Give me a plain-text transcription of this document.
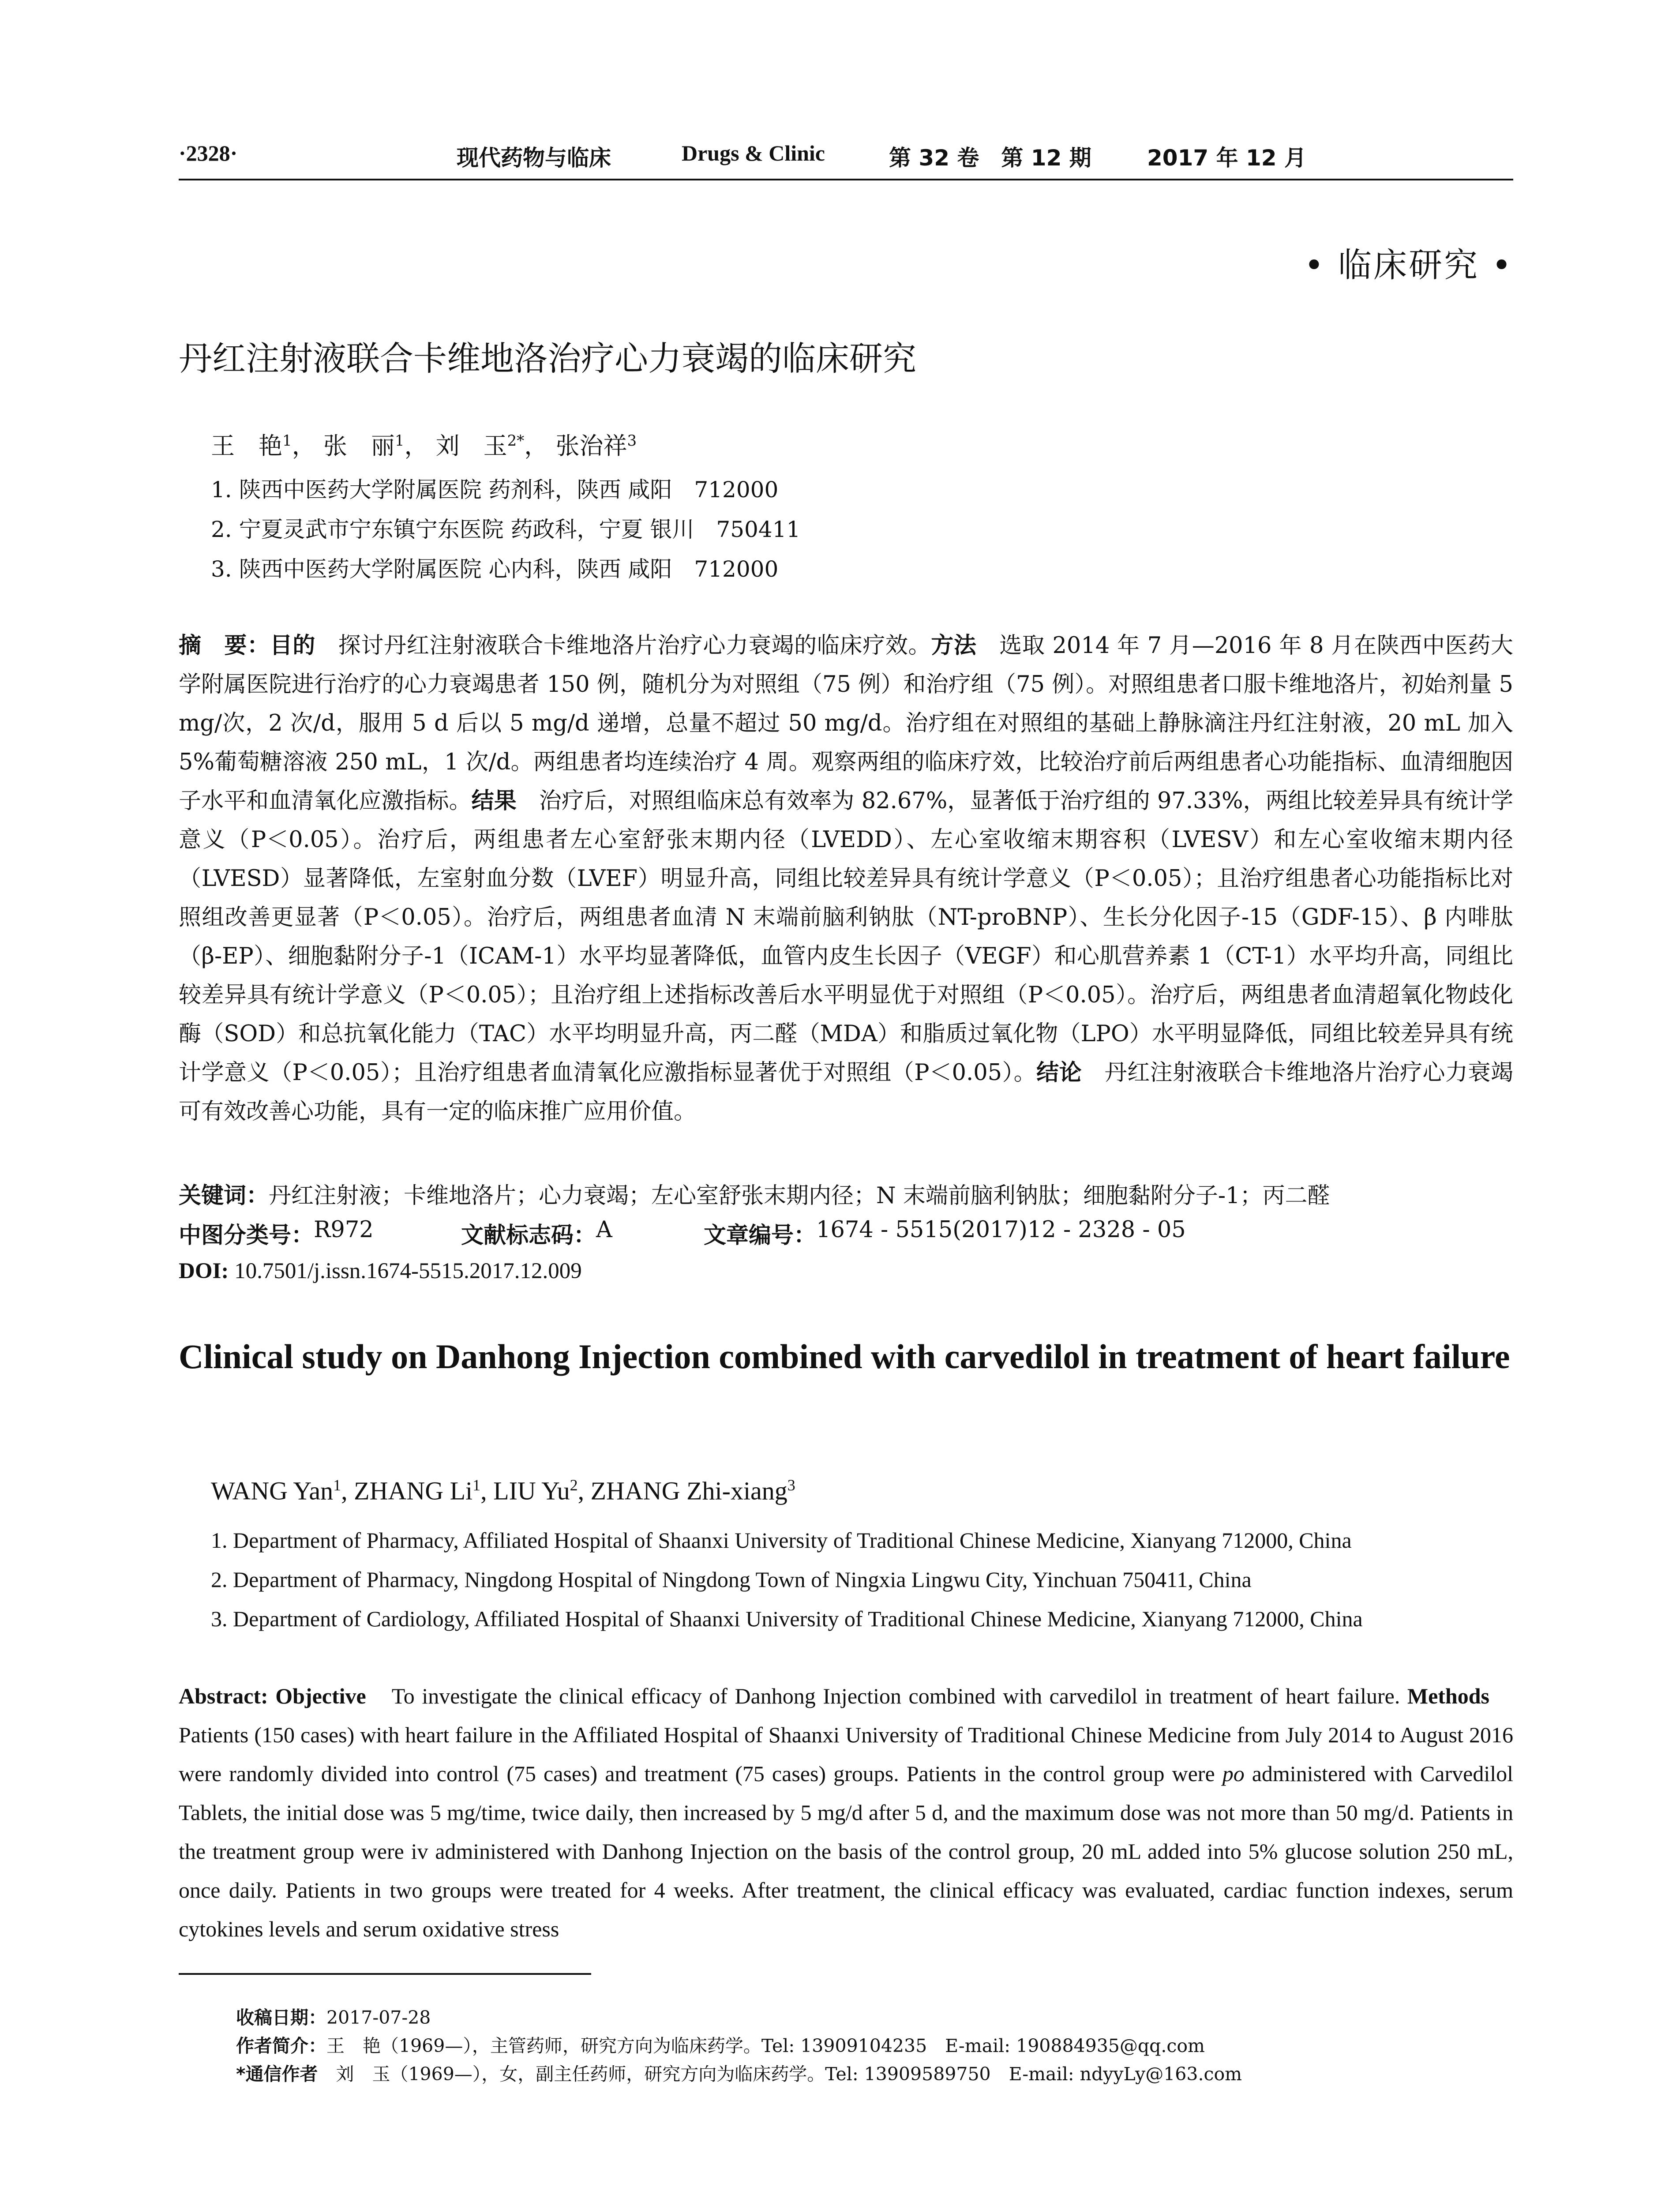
·2328·	现代药物与临床	Drugs & Clinic	第 32 卷　第 12 期	2017 年 12 月
• 临床研究 •
丹红注射液联合卡维地洛治疗心力衰竭的临床研究
王　艳$^1$， 张　丽$^1$， 刘　玉$^{2*}$， 张治祥$^3$
1. 陕西中医药大学附属医院 药剂科，陕西 咸阳　712000
2. 宁夏灵武市宁东镇宁东医院 药政科，宁夏 银川　750411
3. 陕西中医药大学附属医院 心内科，陕西 咸阳　712000
摘　要：目的　探讨丹红注射液联合卡维地洛片治疗心力衰竭的临床疗效。方法　选取 2014 年 7 月—2016 年 8 月在陕西中医药大学附属医院进行治疗的心力衰竭患者 150 例，随机分为对照组（75 例）和治疗组（75 例）。对照组患者口服卡维地洛片，初始剂量 5 mg/次，2 次/d，服用 5 d 后以 5 mg/d 递增，总量不超过 50 mg/d。治疗组在对照组的基础上静脉滴注丹红注射液，20 mL 加入 5%葡萄糖溶液 250 mL，1 次/d。两组患者均连续治疗 4 周。观察两组的临床疗效，比较治疗前后两组患者心功能指标、血清细胞因子水平和血清氧化应激指标。结果　治疗后，对照组临床总有效率为 82.67%，显著低于治疗组的 97.33%，两组比较差异具有统计学意义（P＜0.05）。治疗后，两组患者左心室舒张末期内径（LVEDD）、左心室收缩末期容积（LVESV）和左心室收缩末期内径（LVESD）显著降低，左室射血分数（LVEF）明显升高，同组比较差异具有统计学意义（P＜0.05）；且治疗组患者心功能指标比对照组改善更显著（P＜0.05）。治疗后，两组患者血清 N 末端前脑利钠肽（NT-proBNP）、生长分化因子-15（GDF-15）、β 内啡肽（β-EP）、细胞黏附分子-1（ICAM-1）水平均显著降低，血管内皮生长因子（VEGF）和心肌营养素 1（CT-1）水平均升高，同组比较差异具有统计学意义（P＜0.05）；且治疗组上述指标改善后水平明显优于对照组（P＜0.05）。治疗后，两组患者血清超氧化物歧化酶（SOD）和总抗氧化能力（TAC）水平均明显升高，丙二醛（MDA）和脂质过氧化物（LPO）水平明显降低，同组比较差异具有统计学意义（P＜0.05）；且治疗组患者血清氧化应激指标显著优于对照组（P＜0.05）。结论　丹红注射液联合卡维地洛片治疗心力衰竭可有效改善心功能，具有一定的临床推广应用价值。
关键词：丹红注射液；卡维地洛片；心力衰竭；左心室舒张末期内径；N 末端前脑利钠肽；细胞黏附分子-1；丙二醛
中图分类号： R972	文献标志码： A	文章编号： 1674 - 5515(2017)12 - 2328 - 05
DOI: 10.7501/j.issn.1674-5515.2017.12.009
Clinical study on Danhong Injection combined with carvedilol in treatment of heart failure
WANG Yan$^1$, ZHANG Li$^1$, LIU Yu$^2$, ZHANG Zhi-xiang$^3$
1. Department of Pharmacy, Affiliated Hospital of Shaanxi University of Traditional Chinese Medicine, Xianyang 712000, China
2. Department of Pharmacy, Ningdong Hospital of Ningdong Town of Ningxia Lingwu City, Yinchuan 750411, China
3. Department of Cardiology, Affiliated Hospital of Shaanxi University of Traditional Chinese Medicine, Xianyang 712000, China
Abstract: Objective　To investigate the clinical efficacy of Danhong Injection combined with carvedilol in treatment of heart failure. Methods　Patients (150 cases) with heart failure in the Affiliated Hospital of Shaanxi University of Traditional Chinese Medicine from July 2014 to August 2016 were randomly divided into control (75 cases) and treatment (75 cases) groups. Patients in the control group were po administered with Carvedilol Tablets, the initial dose was 5 mg/time, twice daily, then increased by 5 mg/d after 5 d, and the maximum dose was not more than 50 mg/d. Patients in the treatment group were iv administered with Danhong Injection on the basis of the control group, 20 mL added into 5% glucose solution 250 mL, once daily. Patients in two groups were treated for 4 weeks. After treatment, the clinical efficacy was evaluated, cardiac function indexes, serum cytokines levels and serum oxidative stress
收稿日期：2017-07-28
作者简介：王　艳（1969—），主管药师，研究方向为临床药学。Tel: 13909104235　E-mail: 190884935@qq.com
*通信作者　刘　玉（1969—），女，副主任药师，研究方向为临床药学。Tel: 13909589750　E-mail: ndyyLy@163.com
